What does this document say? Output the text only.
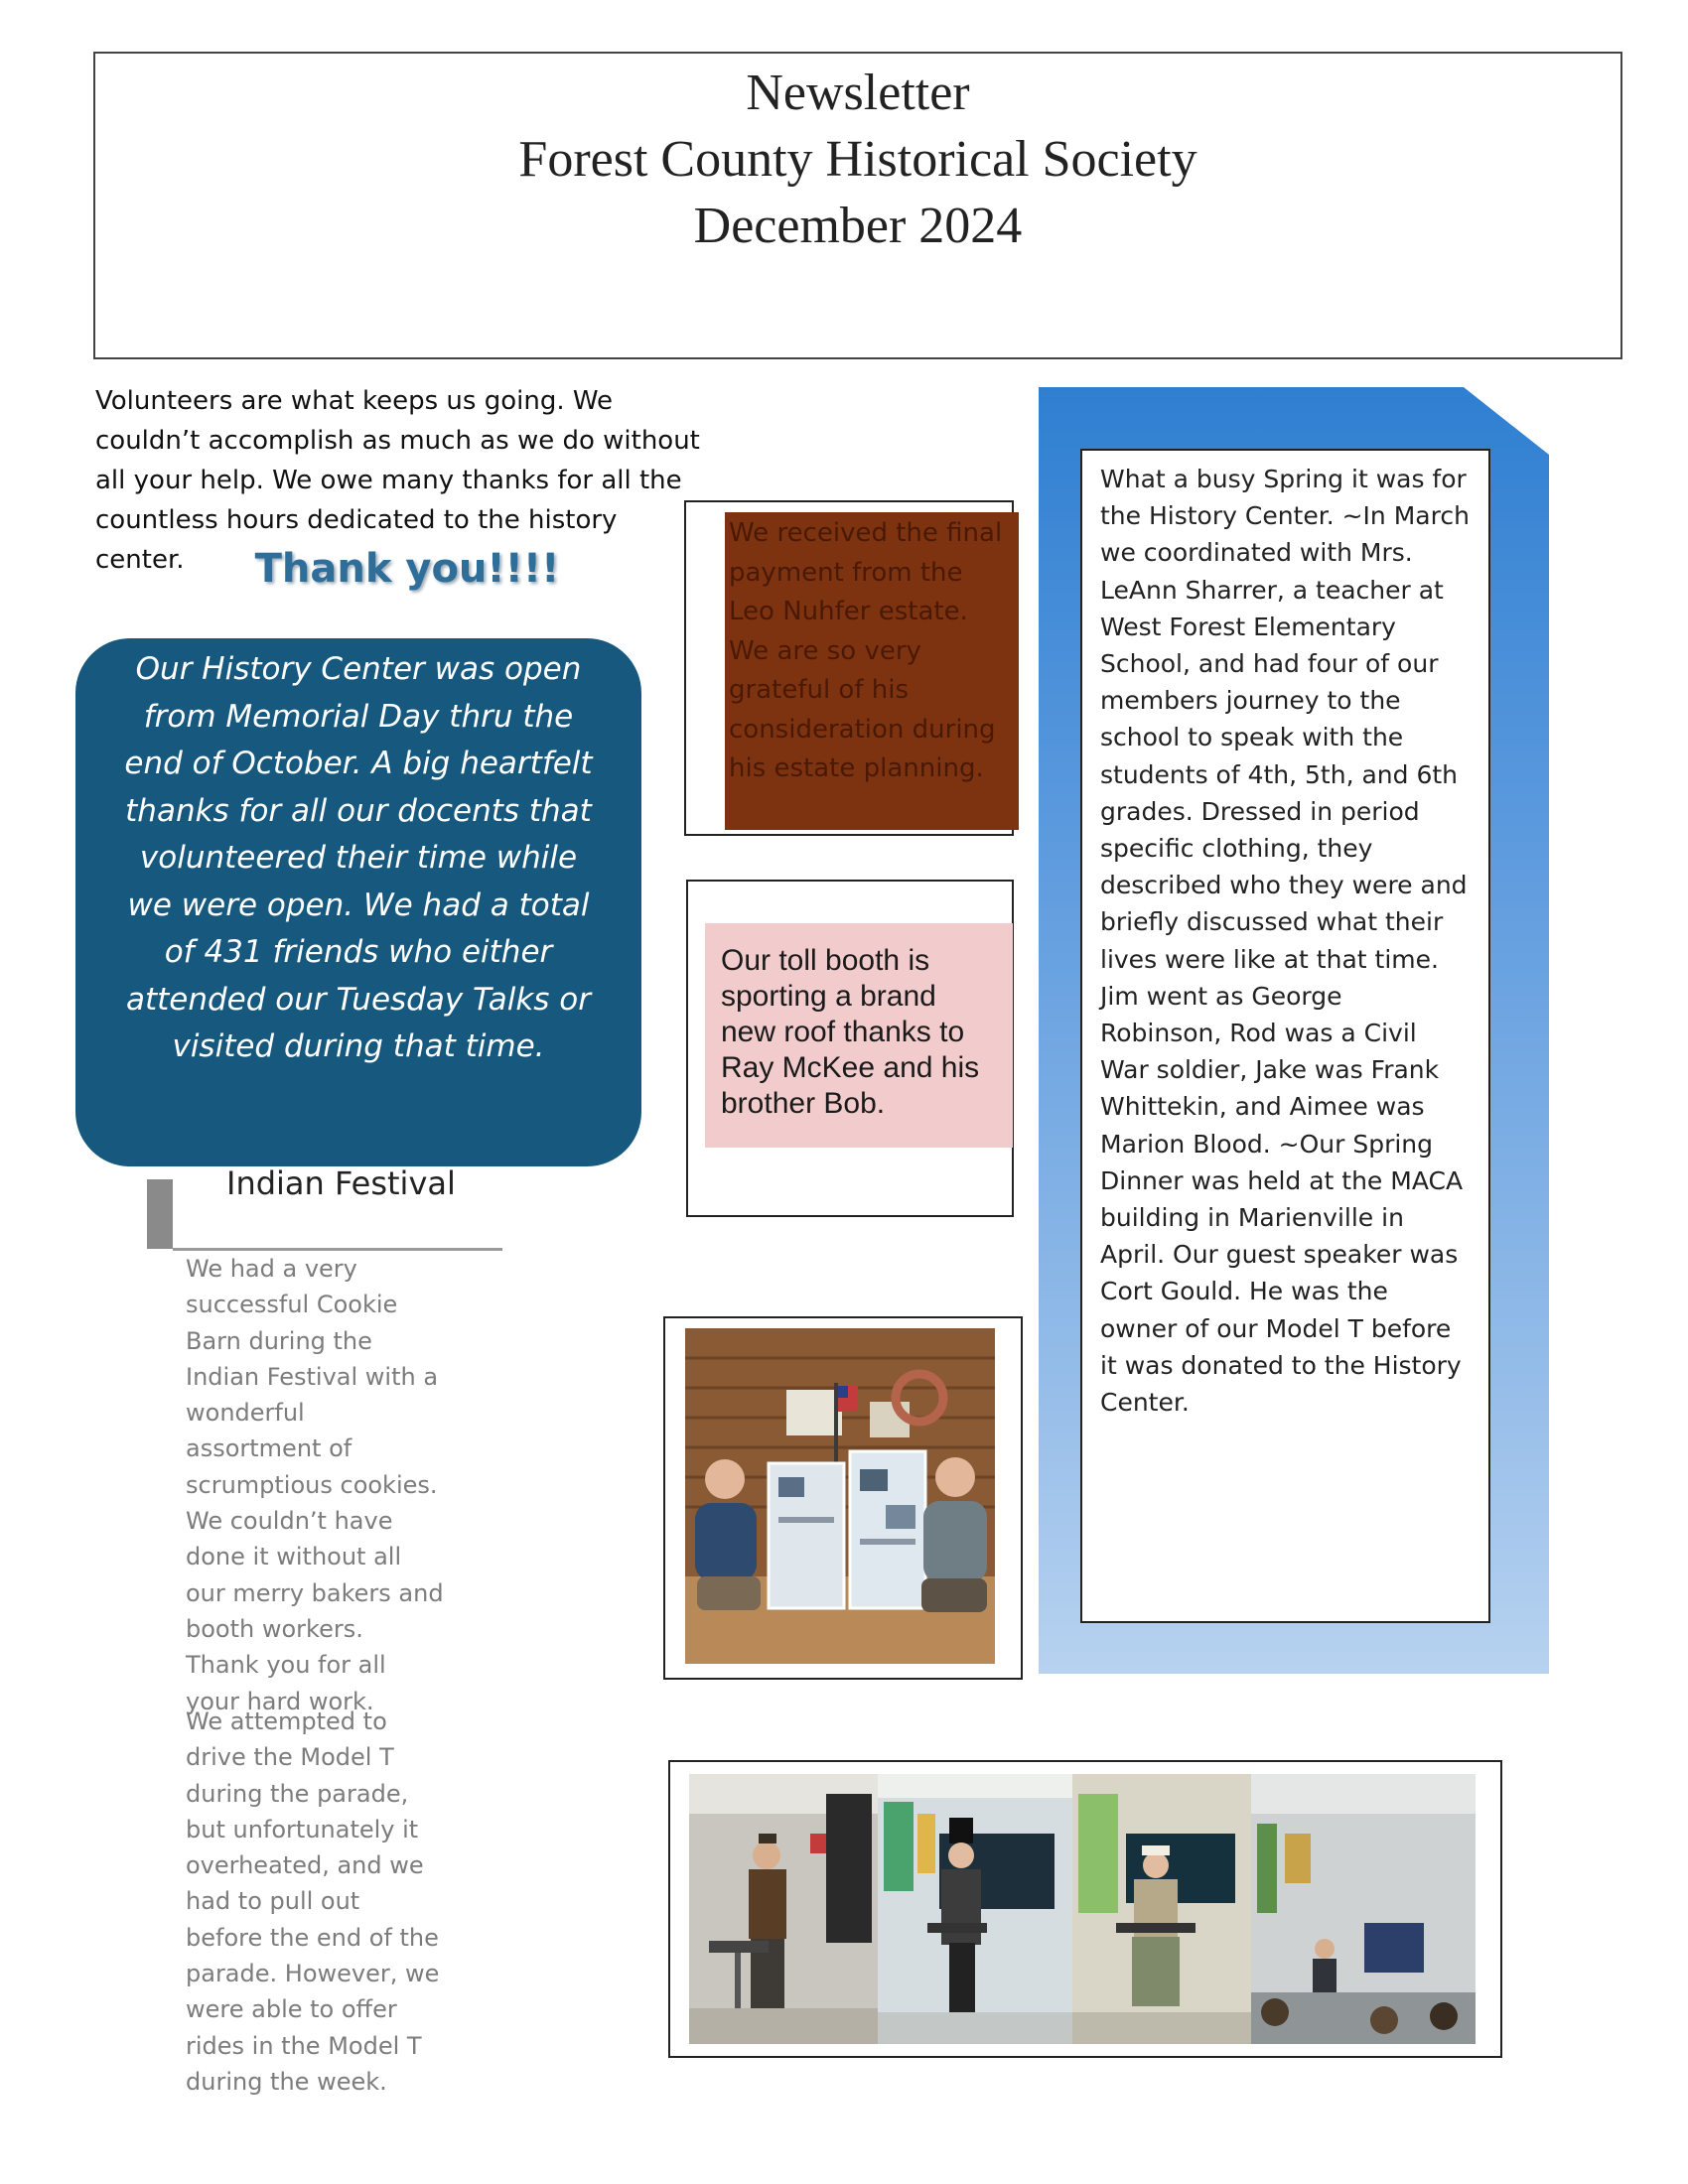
Newsletter
Forest County Historical Society
December 2024
Volunteers are what keeps us going. We couldn’t accomplish as much as we do without all your help. We owe many thanks for all the countless hours dedicated to the history center.	Thank you!!!!
Our History Center was open from Memorial Day thru the end of October. A big heartfelt thanks for all our docents that volunteered their time while we were open. We had a total of 431 friends who either attended our Tuesday Talks or visited during that time.
Indian Festival
We had a very successful Cookie Barn during the Indian Festival with a wonderful assortment of scrumptious cookies. We couldn’t have done it without all our merry bakers and booth workers. Thank you for all your hard work.
We attempted to drive the Model T during the parade, but unfortunately it overheated, and we had to pull out before the end of the parade. However, we were able to offer rides in the Model T during the week.
We received the final payment from the Leo Nuhfer estate. We are so very grateful of his consideration during his estate planning.
Our toll booth is sporting a brand new roof thanks to Ray McKee and his brother Bob.
What a busy Spring it was for the History Center. ~In March we coordinated with Mrs. LeAnn Sharrer, a teacher at West Forest Elementary School, and had four of our members journey to the school to speak with the students of 4th, 5th, and 6th grades. Dressed in period specific clothing, they described who they were and briefly discussed what their lives were like at that time. Jim went as George Robinson, Rod was a Civil War soldier, Jake was Frank Whittekin, and Aimee was Marion Blood. ~Our Spring Dinner was held at the MACA building in Marienville in April. Our guest speaker was Cort Gould. He was the owner of our Model T before it was donated to the History Center.
